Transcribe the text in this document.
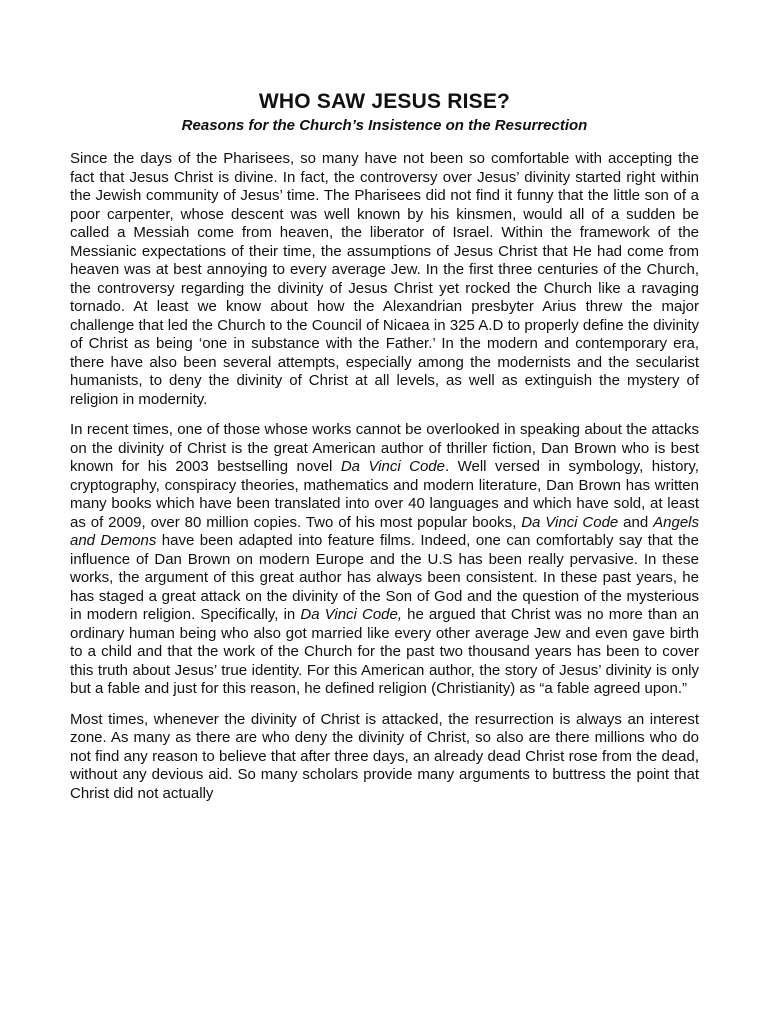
WHO SAW JESUS RISE?

Reasons for the Church’s Insistence on the Resurrection

Since the days of the Pharisees, so many have not been so comfortable with accepting the fact that Jesus Christ is divine. In fact, the controversy over Jesus’ divinity started right within the Jewish community of Jesus’ time. The Pharisees did not find it funny that the little son of a poor carpenter, whose descent was well known by his kinsmen, would all of a sudden be called a Messiah come from heaven, the liberator of Israel. Within the framework of the Messianic expectations of their time, the assumptions of Jesus Christ that He had come from heaven was at best annoying to every average Jew. In the first three centuries of the Church, the controversy regarding the divinity of Jesus Christ yet rocked the Church like a ravaging tornado. At least we know about how the Alexandrian presbyter Arius threw the major challenge that led the Church to the Council of Nicaea in 325 A.D to properly define the divinity of Christ as being ‘one in substance with the Father.’ In the modern and contemporary era, there have also been several attempts, especially among the modernists and the secularist humanists, to deny the divinity of Christ at all levels, as well as extinguish the mystery of religion in modernity.

In recent times, one of those whose works cannot be overlooked in speaking about the attacks on the divinity of Christ is the great American author of thriller fiction, Dan Brown who is best known for his 2003 bestselling novel Da Vinci Code. Well versed in symbology, history, cryptography, conspiracy theories, mathematics and modern literature, Dan Brown has written many books which have been translated into over 40 languages and which have sold, at least as of 2009, over 80 million copies. Two of his most popular books, Da Vinci Code and Angels and Demons have been adapted into feature films. Indeed, one can comfortably say that the influence of Dan Brown on modern Europe and the U.S has been really pervasive. In these works, the argument of this great author has always been consistent. In these past years, he has staged a great attack on the divinity of the Son of God and the question of the mysterious in modern religion. Specifically, in Da Vinci Code, he argued that Christ was no more than an ordinary human being who also got married like every other average Jew and even gave birth to a child and that the work of the Church for the past two thousand years has been to cover this truth about Jesus’ true identity. For this American author, the story of Jesus’ divinity is only but a fable and just for this reason, he defined religion (Christianity) as “a fable agreed upon.”

Most times, whenever the divinity of Christ is attacked, the resurrection is always an interest zone. As many as there are who deny the divinity of Christ, so also are there millions who do not find any reason to believe that after three days, an already dead Christ rose from the dead, without any devious aid. So many scholars provide many arguments to buttress the point that Christ did not actually
